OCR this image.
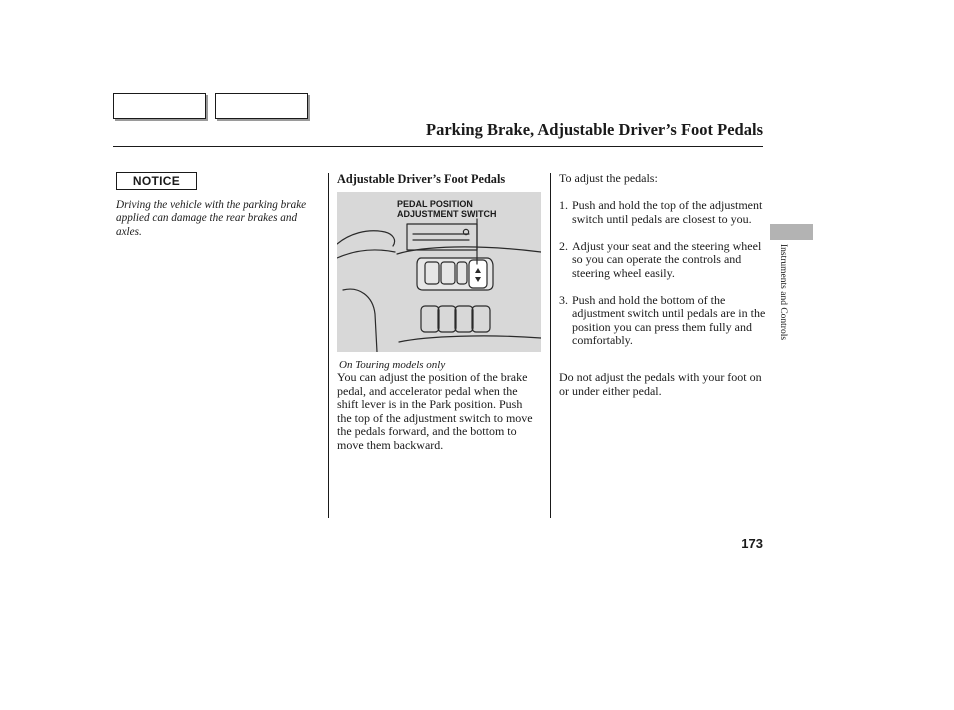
Parking Brake, Adjustable Driver’s Foot Pedals
NOTICE
Driving the vehicle with the parking brake applied can damage the rear brakes and axles.
Adjustable Driver’s Foot Pedals
PEDAL POSITION
ADJUSTMENT SWITCH
On Touring models only
You can adjust the position of the brake pedal, and accelerator pedal when the shift lever is in the Park position. Push the top of the adjustment switch to move the pedals forward, and the bottom to move them backward.
To adjust the pedals:
1. Push and hold the top of the adjustment switch until pedals are closest to you.
2. Adjust your seat and the steering wheel so you can operate the controls and steering wheel easily.
3. Push and hold the bottom of the adjustment switch until pedals are in the position you can press them fully and comfortably.
Do not adjust the pedals with your foot on or under either pedal.
Instruments and Controls
173
